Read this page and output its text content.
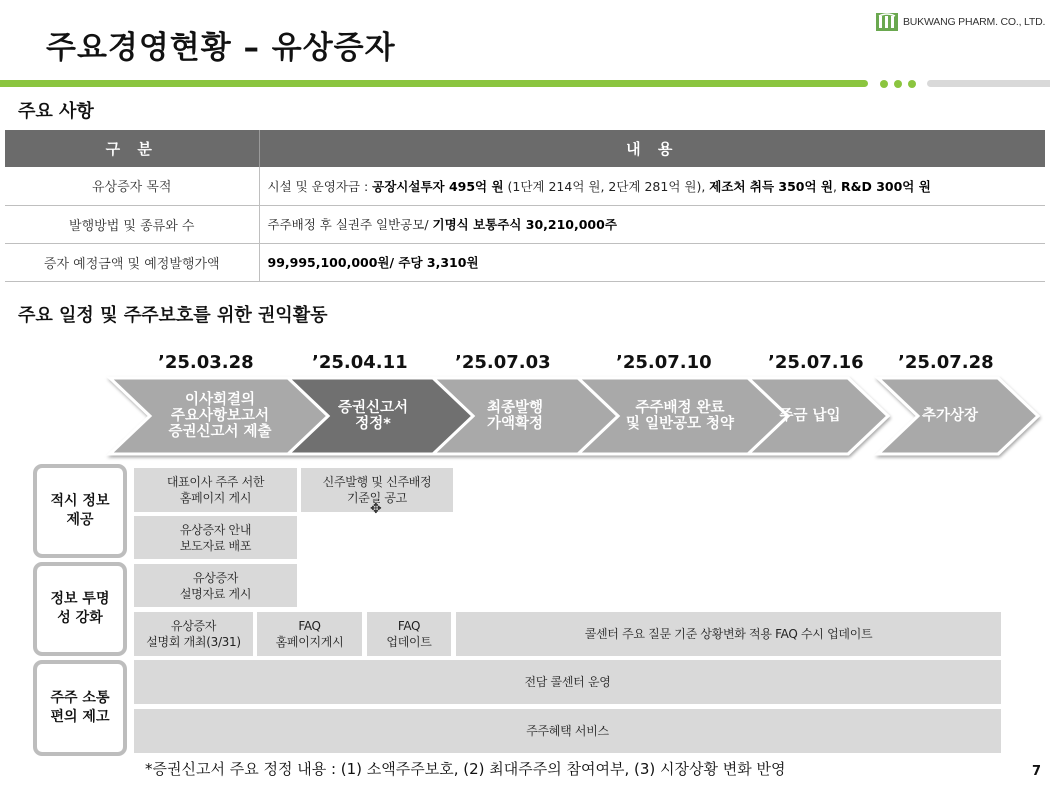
주요경영현황 – 유상증자
BUKWANG PHARM. CO., LTD.
주요 사항
구 분	내 용
유상증자 목적	시설 및 운영자금 : 공장시설투자 495억 원 (1단계 214억 원, 2단계 281억 원), 제조처 취득 350억 원, R&D 300억 원
발행방법 및 종류와 수	주주배정 후 실권주 일반공모/ 기명식 보통주식 30,210,000주
증자 예정금액 및 예정발행가액	99,995,100,000원/ 주당 3,310원
주요 일정 및 주주보호를 위한 권익활동
’25.03.28	’25.04.11	’25.07.03	’25.07.10	’25.07.16 ’25.07.28
이사회결의
주요사항보고서
증권신고서 제출
증권신고서
정정*
최종발행
가액확정
주주배정 완료
및 일반공모 청약	주금 납입	추가상장
적시 정보
제공
정보 투명
성 강화
주주 소통
편의 제고
대표이사 주주 서한
홈페이지 게시
신주발행 및 신주배정
기준일 공고
유상증자 안내
보도자료 배포
유상증자
설명자료 게시
유상증자
설명회 개최(3/31)
FAQ
홈페이지게시
FAQ
업데이트
콜센터 주요 질문 기준 상황변화 적용 FAQ 수시 업데이트
전담 콜센터 운영
주주혜택 서비스
✥
*증권신고서 주요 정정 내용 : (1) 소액주주보호, (2) 최대주주의 참여여부, (3) 시장상황 변화 반영	7
